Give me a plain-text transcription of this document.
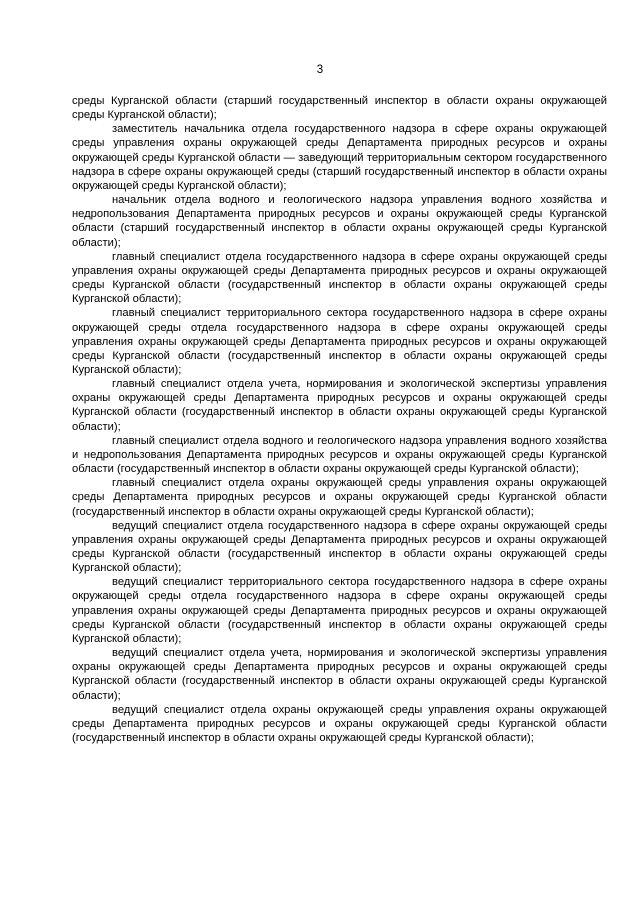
3

среды Курганской области (старший государственный инспектор в области охраны окружающей среды Курганской области);

заместитель начальника отдела государственного надзора в сфере охраны окружающей среды управления охраны окружающей среды Департамента природных ресурсов и охраны окружающей среды Курганской области — заведующий территориальным сектором государственного надзора в сфере охраны окружающей среды (старший государственный инспектор в области охраны окружающей среды Курганской области);

начальник отдела водного и геологического надзора управления водного хозяйства и недропользования Департамента природных ресурсов и охраны окружающей среды Курганской области (старший государственный инспектор в области охраны окружающей среды Курганской области);

главный специалист отдела государственного надзора в сфере охраны окружающей среды управления охраны окружающей среды Департамента природных ресурсов и охраны окружающей среды Курганской области (государственный инспектор в области охраны окружающей среды Курганской области);

главный специалист территориального сектора государственного надзора в сфере охраны окружающей среды отдела государственного надзора в сфере охраны окружающей среды управления охраны окружающей среды Департамента природных ресурсов и охраны окружающей среды Курганской области (государственный инспектор в области охраны окружающей среды Курганской области);

главный специалист отдела учета, нормирования и экологической экспертизы управления охраны окружающей среды Департамента природных ресурсов и охраны окружающей среды Курганской области (государственный инспектор в области охраны окружающей среды Курганской области);

главный специалист отдела водного и геологического надзора управления водного хозяйства и недропользования Департамента природных ресурсов и охраны окружающей среды Курганской области (государственный инспектор в области охраны окружающей среды Курганской области);

главный специалист отдела охраны окружающей среды управления охраны окружающей среды Департамента природных ресурсов и охраны окружающей среды Курганской области (государственный инспектор в области охраны окружающей среды Курганской области);

ведущий специалист отдела государственного надзора в сфере охраны окружающей среды управления охраны окружающей среды Департамента природных ресурсов и охраны окружающей среды Курганской области (государственный инспектор в области охраны окружающей среды Курганской области);

ведущий специалист территориального сектора государственного надзора в сфере охраны окружающей среды отдела государственного надзора в сфере охраны окружающей среды управления охраны окружающей среды Департамента природных ресурсов и охраны окружающей среды Курганской области (государственный инспектор в области охраны окружающей среды Курганской области);

ведущий специалист отдела учета, нормирования и экологической экспертизы управления охраны окружающей среды Департамента природных ресурсов и охраны окружающей среды Курганской области (государственный инспектор в области охраны окружающей среды Курганской области);

ведущий специалист отдела охраны окружающей среды управления охраны окружающей среды Департамента природных ресурсов и охраны окружающей среды Курганской области (государственный инспектор в области охраны окружающей среды Курганской области);
